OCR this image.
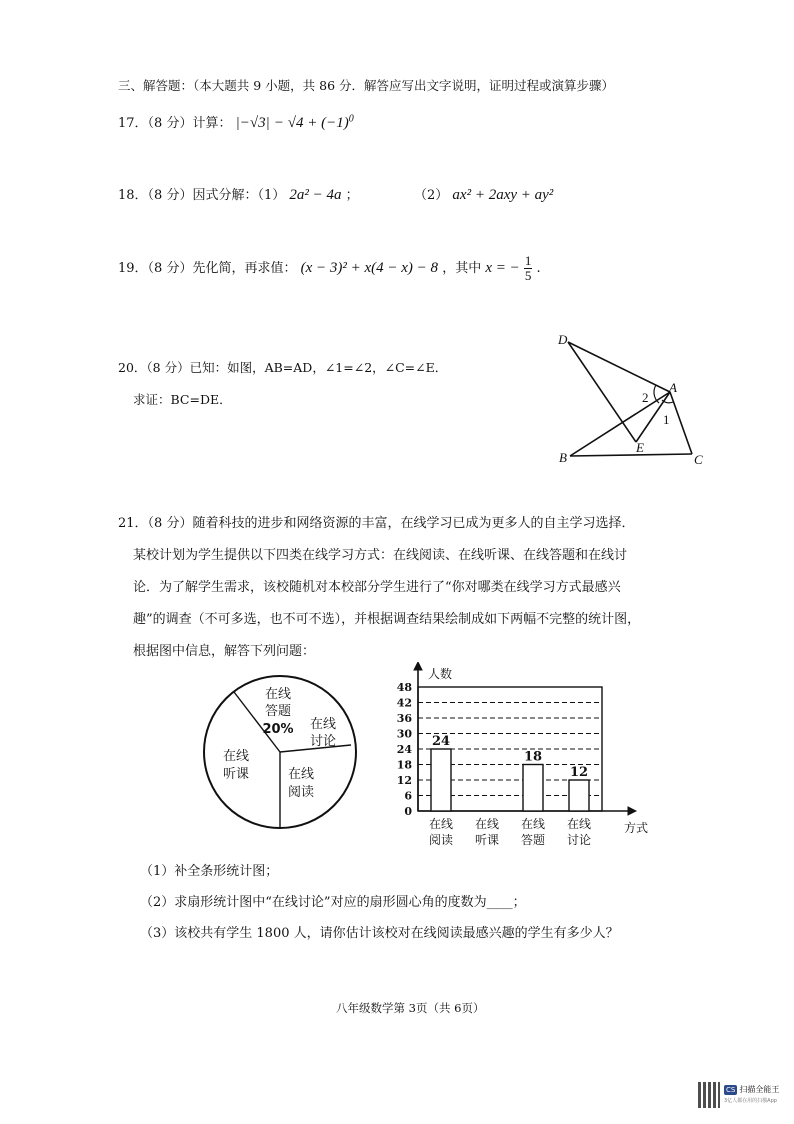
三、解答题：（本大题共 9 小题，共 86 分．解答应写出文字说明，证明过程或演算步骤）
17．（8 分）计算： $|-√3| - √4 + (-1)^0$
18．（8 分）因式分解：（1） 2a² − 4a ；	（2） ax² + 2axy + ay²
19．（8 分）先化简，再求值： (x − 3)² + x(4 − x) − 8 ，其中 x = − $\frac{1}{5}$ .
20．（8 分）已知：如图，AB=AD，∠1=∠2，∠C=∠E．
求证：BC=DE．
D
A
B	C
E
1
2
21．（8 分）随着科技的进步和网络资源的丰富，在线学习已成为更多人的自主学习选择．
某校计划为学生提供以下四类在线学习方式：在线阅读、在线听课、在线答题和在线讨
论．为了解学生需求，该校随机对本校部分学生进行了“你对哪类在线学习方式最感兴
趣”的调查（不可多选，也不可不选），并根据调查结果绘制成如下两幅不完整的统计图，
根据图中信息，解答下列问题：
在线
答题
20% 在线
讨论
在线
阅读
在线
听课
0
6
12
18
24
30
36
42
48
24
在线
阅读
在线
听课
18
在线
答题
12
在线
讨论
人数
方式
（1）补全条形统计图；
（2）求扇形统计图中“在线讨论”对应的扇形圆心角的度数为____；
（3）该校共有学生 1800 人，请你估计该校对在线阅读最感兴趣的学生有多少人？
八年级数学第 3页（共 6页）
CS 扫描全能王
3亿人都在用的扫描App
